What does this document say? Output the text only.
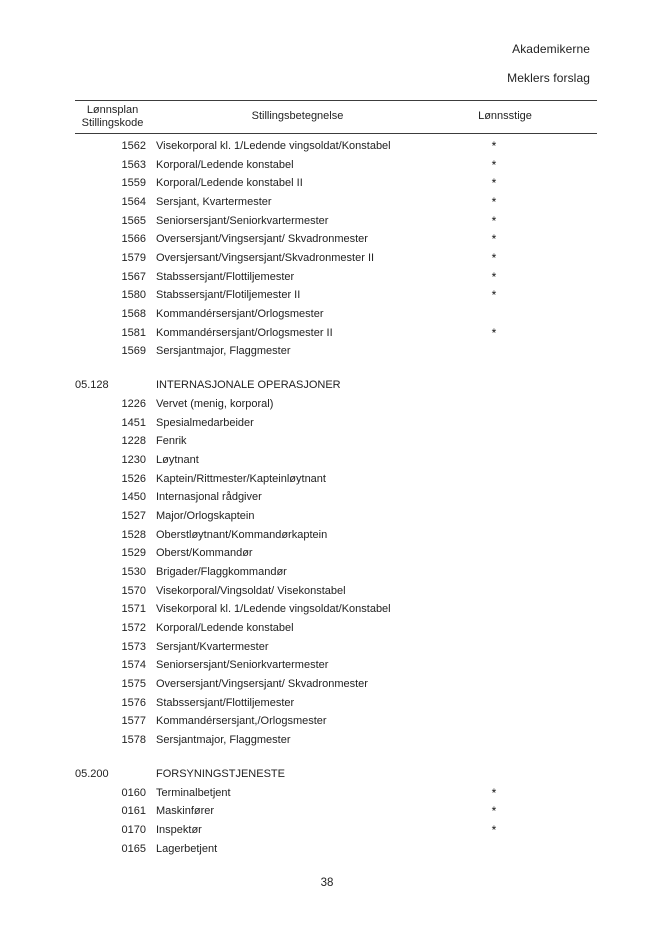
Akademikerne
Meklers forslag
Lønnsplan
Stillingskode
Stillingsbetegnelse	Lønnsstige
1562 Visekorporal kl. 1/Ledende vingsoldat/Konstabel	*
1563 Korporal/Ledende konstabel	*
1559 Korporal/Ledende konstabel II	*
1564 Sersjant, Kvartermester	*
1565 Seniorsersjant/Seniorkvartermester	*
1566 Oversersjant/Vingsersjant/ Skvadronmester	*
1579 Oversjersant/Vingsersjant/Skvadronmester II	*
1567 Stabssersjant/Flottiljemester	*
1580 Stabssersjant/Flotiljemester II	*
1568 Kommandérsersjant/Orlogsmester
1581 Kommandérsersjant/Orlogsmester II	*
1569 Sersjantmajor, Flaggmester
05.128	INTERNASJONALE OPERASJONER
1226 Vervet (menig, korporal)
1451 Spesialmedarbeider
1228 Fenrik
1230 Løytnant
1526 Kaptein/Rittmester/Kapteinløytnant
1450 Internasjonal rådgiver
1527 Major/Orlogskaptein
1528 Oberstløytnant/Kommandørkaptein
1529 Oberst/Kommandør
1530 Brigader/Flaggkommandør
1570 Visekorporal/Vingsoldat/ Visekonstabel
1571 Visekorporal kl. 1/Ledende vingsoldat/Konstabel
1572 Korporal/Ledende konstabel
1573 Sersjant/Kvartermester
1574 Seniorsersjant/Seniorkvartermester
1575 Oversersjant/Vingsersjant/ Skvadronmester
1576 Stabssersjant/Flottiljemester
1577 Kommandérsersjant,/Orlogsmester
1578 Sersjantmajor, Flaggmester
05.200	FORSYNINGSTJENESTE
0160 Terminalbetjent	*
0161 Maskinfører	*
0170 Inspektør	*
0165 Lagerbetjent
38
